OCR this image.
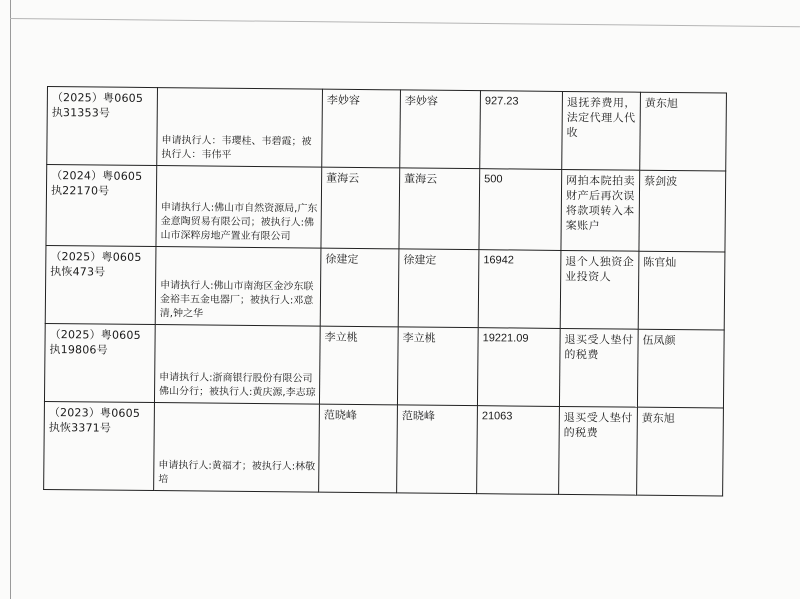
（2025）粤0605执31353号	申请执行人：韦璎桂、韦碧霞；被执行人：韦伟平	李妙容	李妙容	927.23	退抚养费用，法定代理人代收	黄东旭
（2024）粤0605执22170号	申请执行人:佛山市自然资源局,广东金意陶贸易有限公司；被执行人:佛山市深粹房地产置业有限公司	董海云	董海云	500	网拍本院拍卖财产后再次误将款项转入本案账户	蔡剑波
（2025）粤0605执恢473号	申请执行人:佛山市南海区金沙东联金裕丰五金电器厂；被执行人:邓意清,钟之华	徐建定	徐建定	16942	退个人独资企业投资人	陈官灿
（2025）粤0605执19806号	申请执行人:浙商银行股份有限公司佛山分行；被执行人:黄庆源,李志琼	李立桃	李立桃	19221.09	退买受人垫付的税费	伍凤颜
（2023）粤0605执恢3371号	申请执行人:黄福才；被执行人:林敬培	范晓峰	范晓峰	21063	退买受人垫付的税费	黄东旭
